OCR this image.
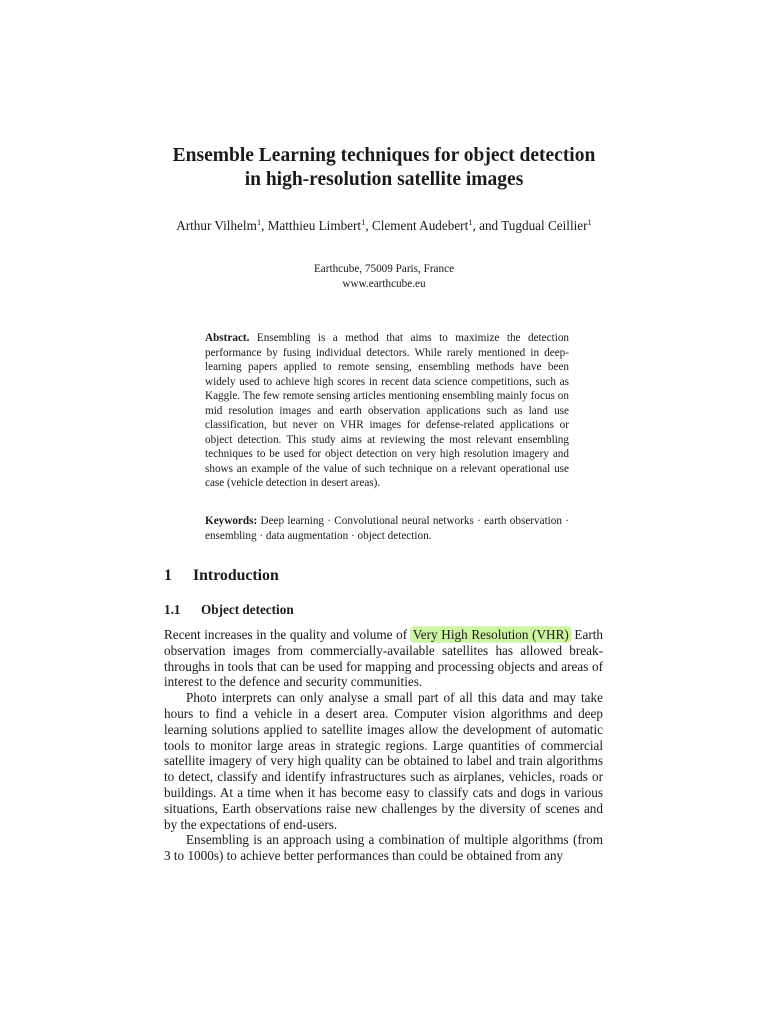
Ensemble Learning techniques for object detection in high-resolution satellite images
Arthur Vilhelm$^1$, Matthieu Limbert$^1$, Clement Audebert$^1$, and Tugdual Ceillier$^1$
Earthcube, 75009 Paris, France
www.earthcube.eu
Abstract. Ensembling is a method that aims to maximize the detection performance by fusing individual detectors. While rarely mentioned in deep-learning papers applied to remote sensing, ensembling methods have been widely used to achieve high scores in recent data science competitions, such as Kaggle. The few remote sensing articles mentioning ensembling mainly focus on mid resolution images and earth observation applications such as land use classification, but never on VHR images for defense-related applications or object detection. This study aims at reviewing the most relevant ensembling techniques to be used for object detection on very high resolution imagery and shows an example of the value of such technique on a relevant operational use case (vehicle detection in desert areas).
Keywords: Deep learning · Convolutional neural networks · earth observation · ensembling · data augmentation · object detection.
1 Introduction
1.1 Object detection

Recent increases in the quality and volume of Very High Resolution (VHR) Earth observation images from commercially-available satellites has allowed breakthroughs in tools that can be used for mapping and processing objects and areas of interest to the defence and security communities.

Photo interprets can only analyse a small part of all this data and may take hours to find a vehicle in a desert area. Computer vision algorithms and deep learning solutions applied to satellite images allow the development of automatic tools to monitor large areas in strategic regions. Large quantities of commercial satellite imagery of very high quality can be obtained to label and train algorithms to detect, classify and identify infrastructures such as airplanes, vehicles, roads or buildings. At a time when it has become easy to classify cats and dogs in various situations, Earth observations raise new challenges by the diversity of scenes and by the expectations of end-users.

Ensembling is an approach using a combination of multiple algorithms (from 3 to 1000s) to achieve better performances than could be obtained from any
